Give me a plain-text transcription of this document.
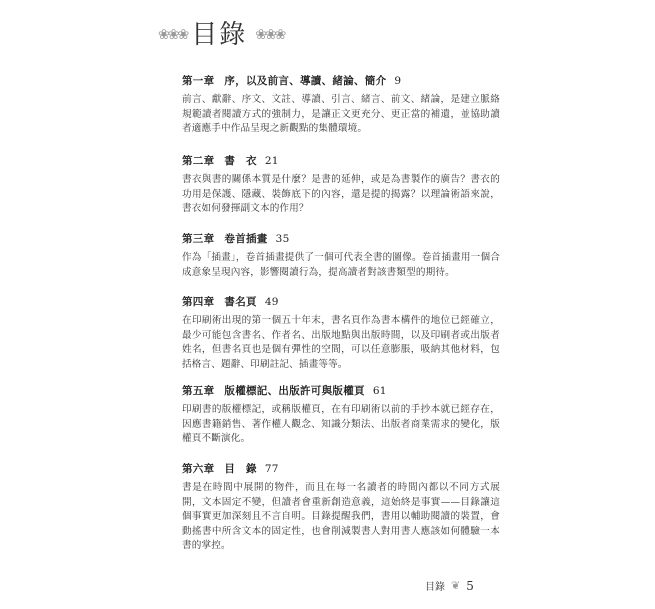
❀❀❀ 目錄 ❀❀❀
第一章 序，以及前言、導讀、緒論、簡介 9
前言、獻辭、序文、文註、導讀、引言、緒言、前文、緒論，是建立脈絡規範讀者閱讀方式的強制力，是讓正文更充分、更正當的補遺，並協助讀者適應手中作品呈現之新觀點的集體環境。
第二章 書　衣 21
書衣與書的關係本質是什麼？是書的延伸，或是為書製作的廣告？書衣的功用是保護、隱藏、裝飾底下的內容，還是提的揭露？以理論術語來說，書衣如何發揮副文本的作用？
第三章 卷首插畫 35
作為「插畫」，卷首插畫提供了一個可代表全書的圖像。卷首插畫用一個合成意象呈現內容，影響閱讀行為，提高讀者對該書類型的期待。
第四章 書名頁 49
在印刷術出現的第一個五十年末，書名頁作為書本構件的地位已經確立，最少可能包含書名、作者名、出版地點與出版時間，以及印刷者或出版者姓名，但書名頁也是個有彈性的空間，可以任意膨脹，吸納其他材料，包括格言、題辭、印刷註記、插畫等等。
第五章 版權標記、出版許可與版權頁 61
印刷書的版權標記，或稱版權頁，在有印刷術以前的手抄本就已經存在，因應書籍銷售、著作權人觀念、知識分類法、出版者商業需求的變化，版權頁不斷演化。
第六章 目　錄 77
書是在時間中展開的物件，而且在每一名讀者的時間內都以不同方式展開，文本固定不變，但讀者會重新創造意義，這始終是事實——目錄讓這個事實更加深刻且不言自明。目錄提醒我們，書用以輔助閱讀的裝置，會動搖書中所含文本的固定性，也會削減製書人對用書人應該如何體驗一本書的掌控。
目錄 ❦ 5
